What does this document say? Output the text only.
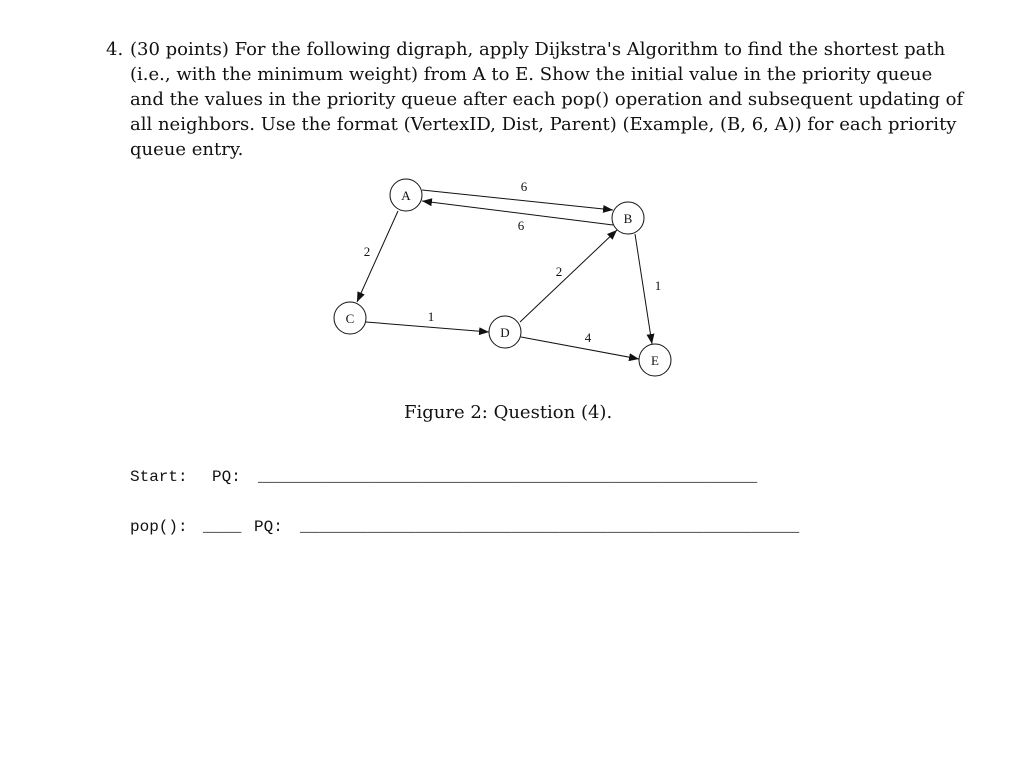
4. (30 points) For the following digraph, apply Dijkstra's Algorithm to find the shortest path
(i.e., with the minimum weight) from A to E. Show the initial value in the priority queue
and the values in the priority queue after each pop() operation and subsequent updating of
all neighbors. Use the format (VertexID, Dist, Parent) (Example, (B, 6, A)) for each priority
queue entry.
A
B
C
D
E
6
6
2
1
2
4
1
Figure 2: Question (4).
Start: PQ: ____________________________________________________
pop(): ____ PQ: ____________________________________________________
